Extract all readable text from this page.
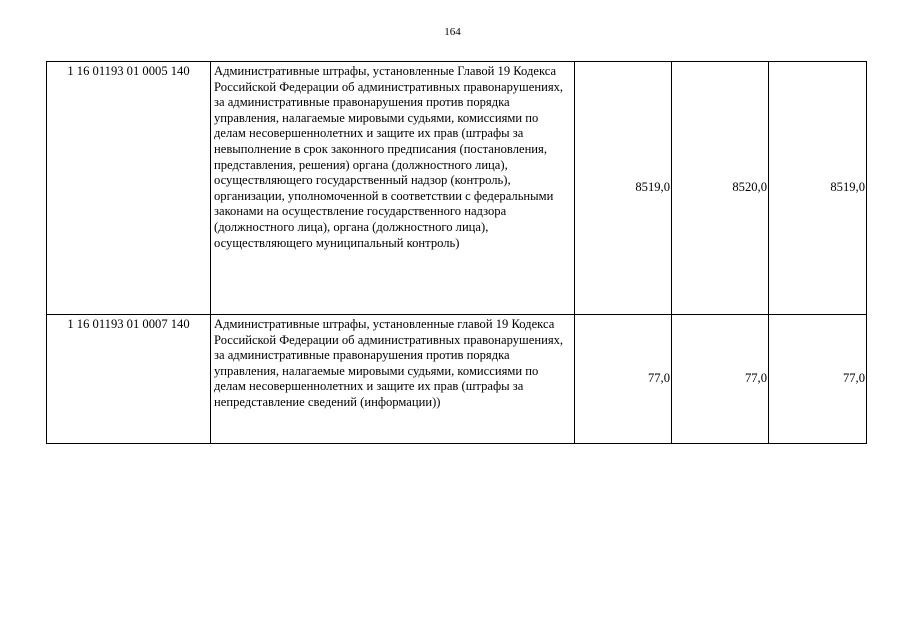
164
1 16 01193 01 0005 140	Административные штрафы, установленные Главой 19 Кодекса Российской Федерации об административных правонарушениях, за административные правонарушения против порядка управления, налагаемые мировыми судьями, комиссиями по делам несовершеннолетних и защите их прав (штрафы за невыполнение в срок законного предписания (постановления, представления, решения) органа (должностного лица), осуществляющего государственный надзор (контроль), организации, уполномоченной в соответствии с федеральными законами на осуществление государственного надзора (должностного лица), органа (должностного лица), осуществляющего муниципальный контроль)	8519,0	8520,0	8519,0
1 16 01193 01 0007 140	Административные штрафы, установленные главой 19 Кодекса Российской Федерации об административных правонарушениях, за административные правонарушения против порядка управления, налагаемые мировыми судьями, комиссиями по делам несовершеннолетних и защите их прав (штрафы за непредставление сведений (информации))	77,0	77,0	77,0
